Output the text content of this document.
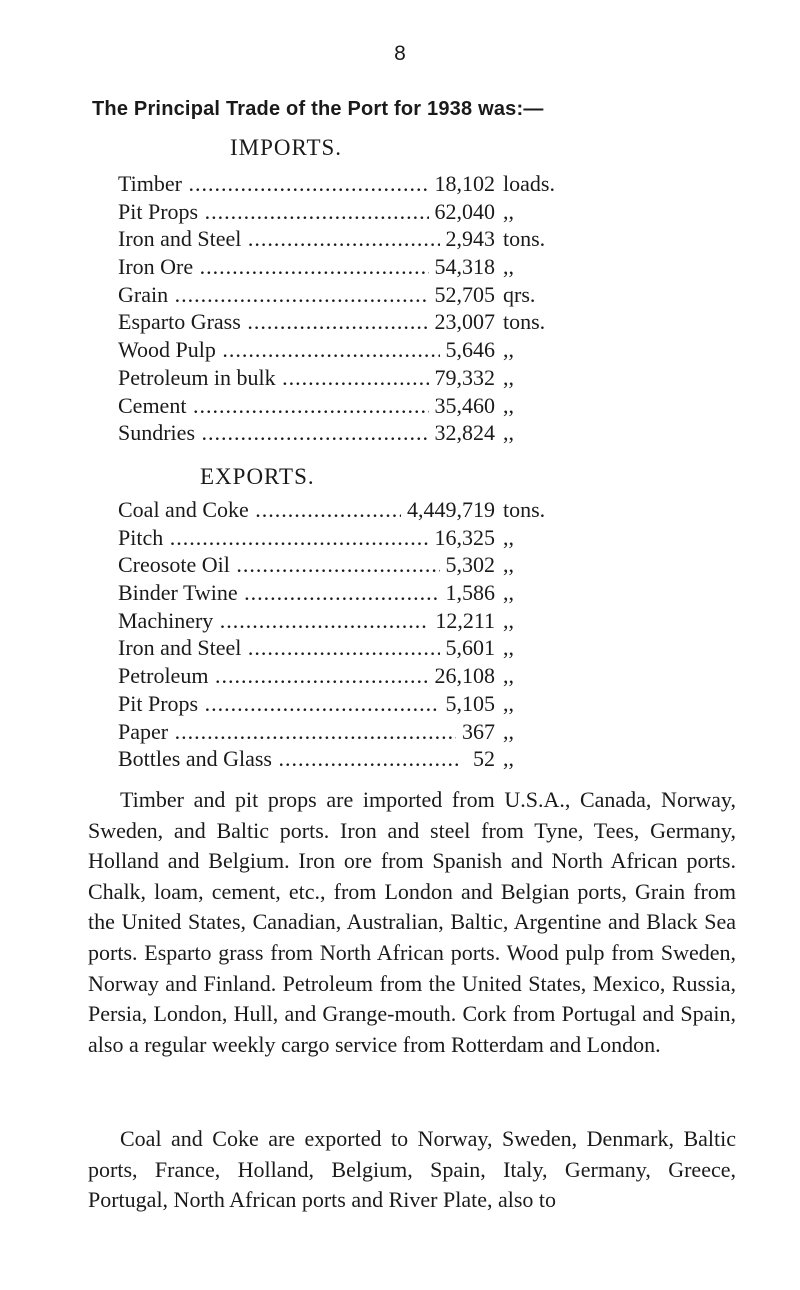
8
The Principal Trade of the Port for 1938 was:—
IMPORTS.
Timber .....	18,102 loads.
Pit Props .....	62,040 ,,
Iron and Steel .....	2,943 tons.
Iron Ore .....	54,318 ,,
Grain .....	52,705 qrs.
Esparto Grass .....	23,007 tons.
Wood Pulp .....	5,646 ,,
Petroleum in bulk .....	79,332 ,,
Cement .....	35,460 ,,
Sundries .....	32,824 ,,
EXPORTS.
Coal and Coke .....	4,449,719 tons.
Pitch .....	16,325 ,,
Creosote Oil .....	5,302 ,,
Binder Twine .....	1,586 ,,
Machinery .....	12,211 ,,
Iron and Steel .....	5,601 ,,
Petroleum .....	26,108 ,,
Pit Props .....	5,105 ,,
Paper .....	367 ,,
Bottles and Glass .....	52 ,,

Timber and pit props are imported from U.S.A., Canada, Norway, Sweden, and Baltic ports. Iron and steel from Tyne, Tees, Germany, Holland and Belgium. Iron ore from Spanish and North African ports. Chalk, loam, cement, etc., from London and Belgian ports, Grain from the United States, Canadian, Australian, Baltic, Argentine and Black Sea ports. Esparto grass from North African ports. Wood pulp from Sweden, Norway and Finland. Petroleum from the United States, Mexico, Russia, Persia, London, Hull, and Grange-mouth. Cork from Portugal and Spain, also a regular weekly cargo service from Rotterdam and London.

Coal and Coke are exported to Norway, Sweden, Denmark, Baltic ports, France, Holland, Belgium, Spain, Italy, Germany, Greece, Portugal, North African ports and River Plate, also to
